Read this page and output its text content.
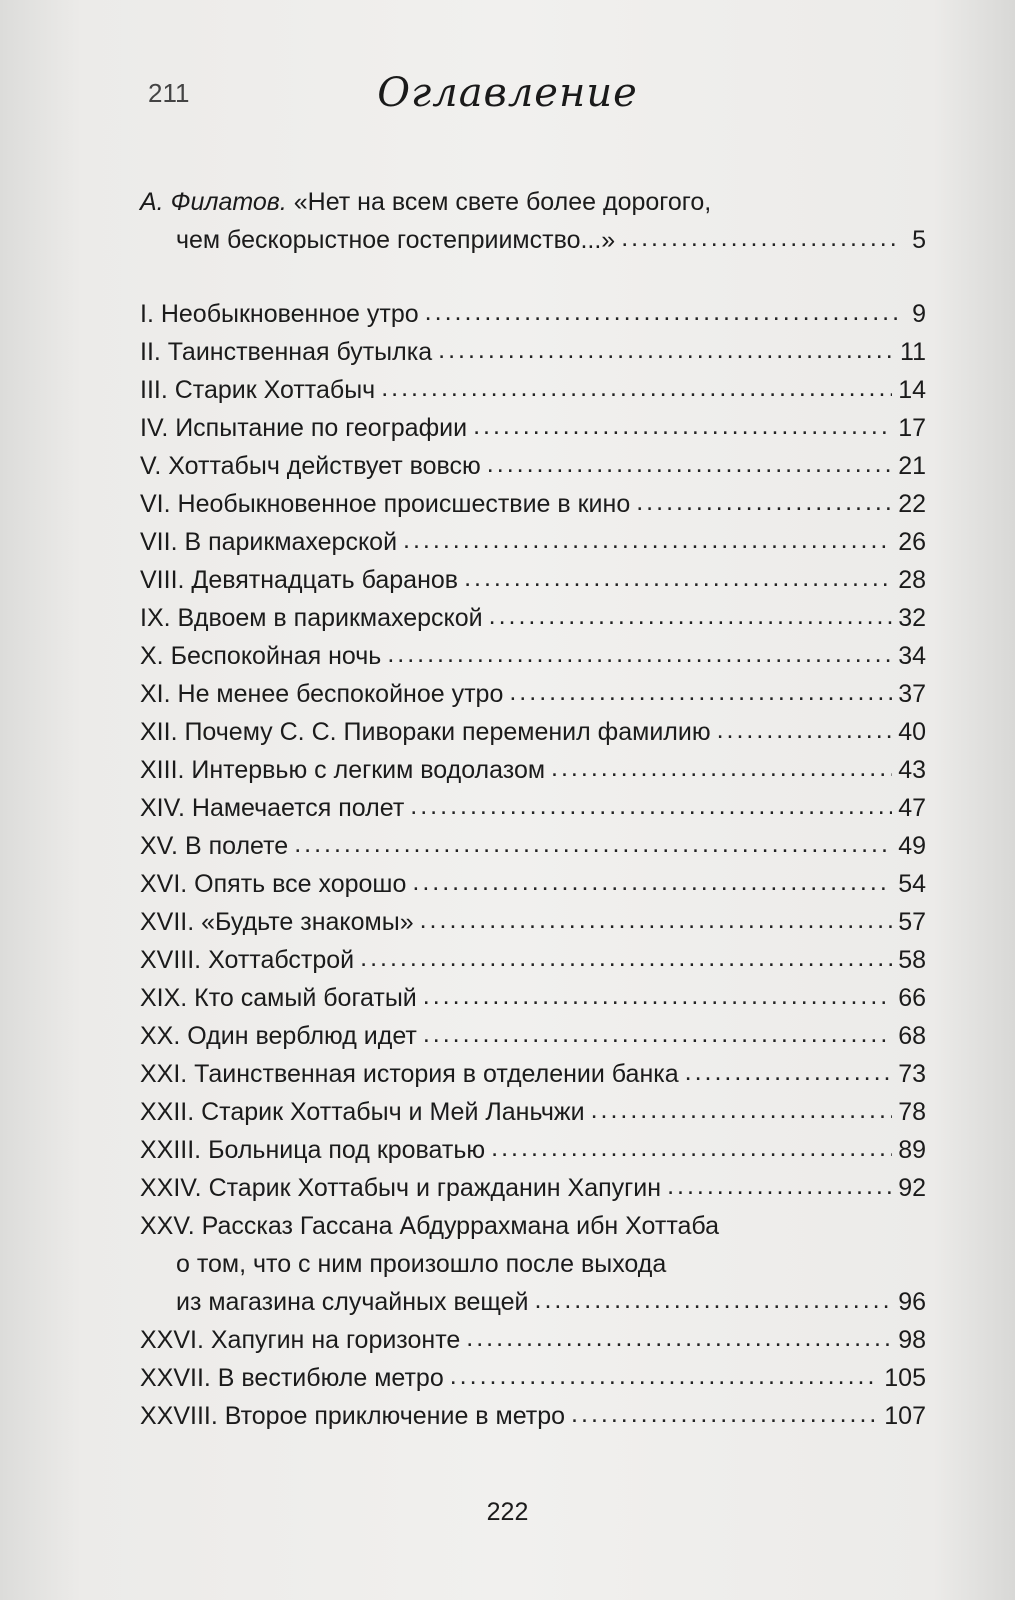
211	Оглавление
А. Филатов. «Нет на всем свете более дорогого,
чем бескорыстное гостеприимство...» .....	5
I. Необыкновенное утро .....	9
II. Таинственная бутылка .....	11
III. Старик Хоттабыч .....	14
IV. Испытание по географии .....	17
V. Хоттабыч действует вовсю .....	21
VI. Необыкновенное происшествие в кино .....	22
VII. В парикмахерской .....	26
VIII. Девятнадцать баранов .....	28
IX. Вдвоем в парикмахерской .....	32
X. Беспокойная ночь .....	34
XI. Не менее беспокойное утро .....	37
XII. Почему С. С. Пивораки переменил фамилию .....	40
XIII. Интервью с легким водолазом .....	43
XIV. Намечается полет .....	47
XV. В полете .....	49
XVI. Опять все хорошо .....	54
XVII. «Будьте знакомы» .....	57
XVIII. Хоттабстрой .....	58
XIX. Кто самый богатый .....	66
XX. Один верблюд идет .....	68
XXI. Таинственная история в отделении банка .....	73
XXII. Старик Хоттабыч и Мей Ланьчжи .....	78
XXIII. Больница под кроватью .....	89
XXIV. Старик Хоттабыч и гражданин Хапугин .....	92
XXV. Рассказ Гассана Абдуррахмана ибн Хоттаба
о том, что с ним произошло после выхода
из магазина случайных вещей .....	96
XXVI. Хапугин на горизонте .....	98
XXVII. В вестибюле метро .....	105
XXVIII. Второе приключение в метро .....	107
222
